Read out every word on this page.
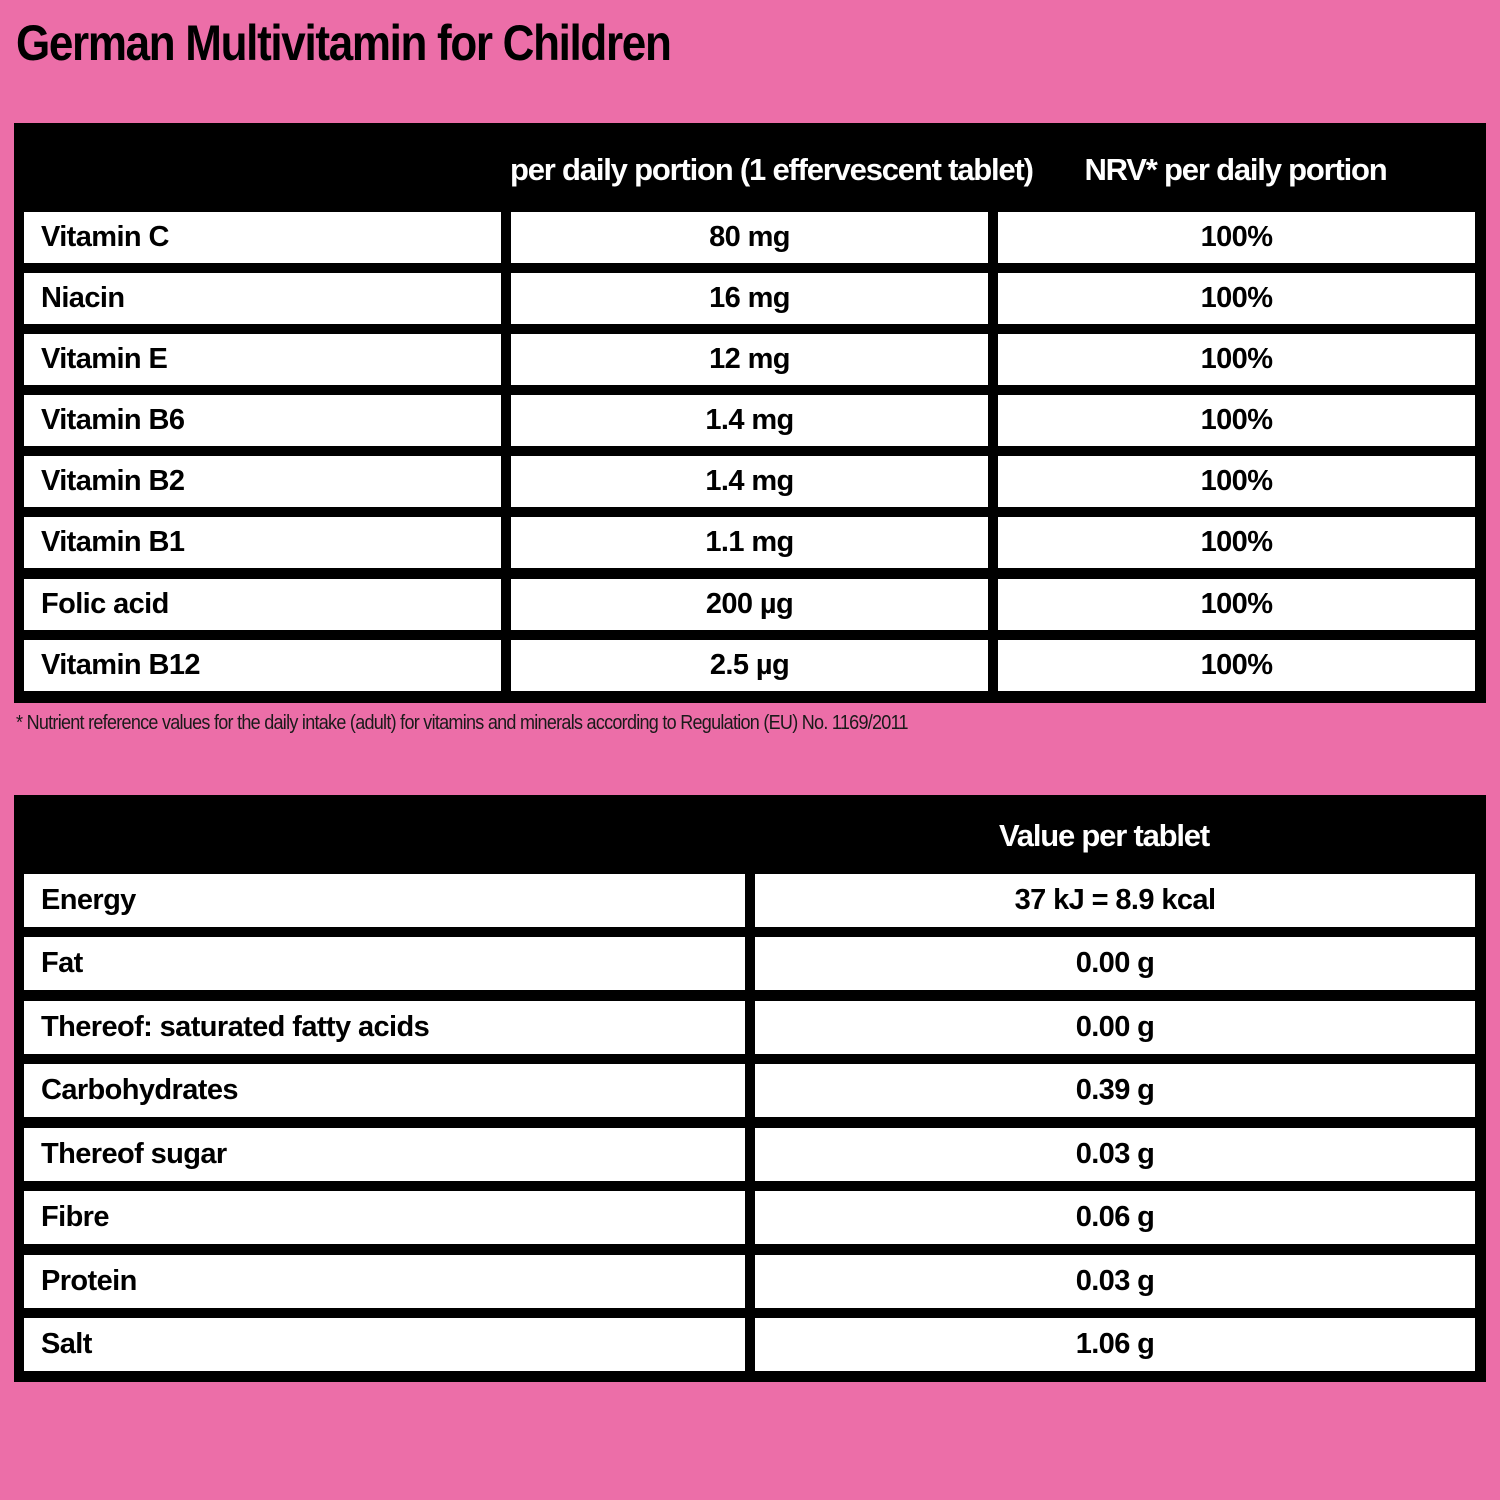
German Multivitamin for Children
per daily portion (1 effervescent tablet)	NRV* per daily portion
Vitamin C	80 mg	100%
Niacin	16 mg	100%
Vitamin E	12 mg	100%
Vitamin B6	1.4 mg	100%
Vitamin B2	1.4 mg	100%
Vitamin B1	1.1 mg	100%
Folic acid	200 µg	100%
Vitamin B12	2.5 µg	100%

* Nutrient reference values for the daily intake (adult) for vitamins and minerals according to Regulation (EU) No. 1169/2011

Value per tablet
Energy	37 kJ = 8.9 kcal
Fat	0.00 g
Thereof: saturated fatty acids	0.00 g
Carbohydrates	0.39 g
Thereof sugar	0.03 g
Fibre	0.06 g
Protein	0.03 g
Salt	1.06 g
